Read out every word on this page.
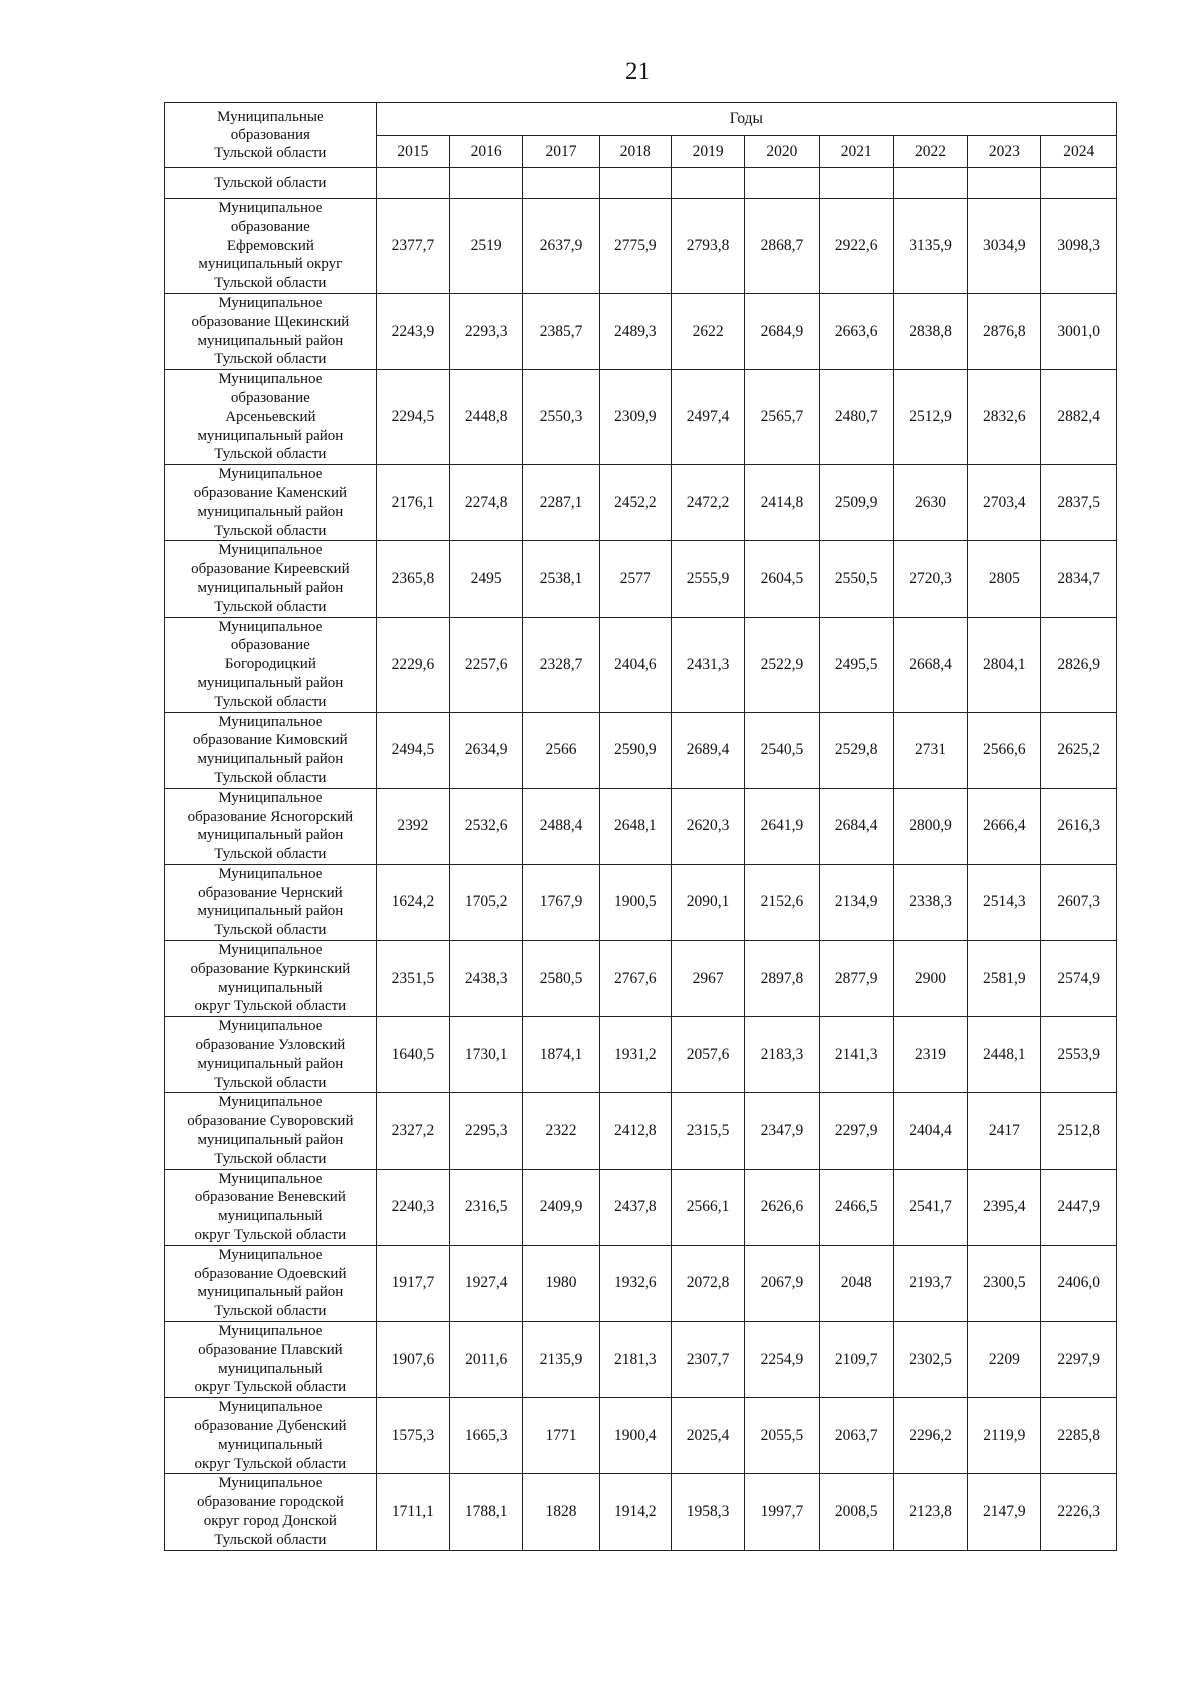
21
Муниципальные
образования
Тульской области	Годы									
	2015	2016	2017	2018	2019	2020	2021	2022	2023	2024
Тульской области										

Муниципальное
образование
Ефремовский
муниципальный округ
Тульской области	2377,7	2519	2637,9	2775,9	2793,8	2868,7	2922,6	3135,9	3034,9	3098,3

Муниципальное
образование Щекинский
муниципальный район
Тульской области	2243,9	2293,3	2385,7	2489,3	2622	2684,9	2663,6	2838,8	2876,8	3001,0

Муниципальное
образование
Арсеньевский
муниципальный район
Тульской области	2294,5	2448,8	2550,3	2309,9	2497,4	2565,7	2480,7	2512,9	2832,6	2882,4

Муниципальное
образование Каменский
муниципальный район
Тульской области	2176,1	2274,8	2287,1	2452,2	2472,2	2414,8	2509,9	2630	2703,4	2837,5

Муниципальное
образование Киреевский
муниципальный район
Тульской области	2365,8	2495	2538,1	2577	2555,9	2604,5	2550,5	2720,3	2805	2834,7

Муниципальное
образование
Богородицкий
муниципальный район
Тульской области	2229,6	2257,6	2328,7	2404,6	2431,3	2522,9	2495,5	2668,4	2804,1	2826,9

Муниципальное
образование Кимовский
муниципальный район
Тульской области	2494,5	2634,9	2566	2590,9	2689,4	2540,5	2529,8	2731	2566,6	2625,2

Муниципальное
образование Ясногорский
муниципальный район
Тульской области	2392	2532,6	2488,4	2648,1	2620,3	2641,9	2684,4	2800,9	2666,4	2616,3

Муниципальное
образование Чернский
муниципальный район
Тульской области	1624,2	1705,2	1767,9	1900,5	2090,1	2152,6	2134,9	2338,3	2514,3	2607,3

Муниципальное
образование Куркинский
муниципальный
округ Тульской области	2351,5	2438,3	2580,5	2767,6	2967	2897,8	2877,9	2900	2581,9	2574,9

Муниципальное
образование Узловский
муниципальный район
Тульской области	1640,5	1730,1	1874,1	1931,2	2057,6	2183,3	2141,3	2319	2448,1	2553,9

Муниципальное
образование Суворовский
муниципальный район
Тульской области	2327,2	2295,3	2322	2412,8	2315,5	2347,9	2297,9	2404,4	2417	2512,8

Муниципальное
образование Веневский
муниципальный
округ Тульской области	2240,3	2316,5	2409,9	2437,8	2566,1	2626,6	2466,5	2541,7	2395,4	2447,9

Муниципальное
образование Одоевский
муниципальный район
Тульской области	1917,7	1927,4	1980	1932,6	2072,8	2067,9	2048	2193,7	2300,5	2406,0

Муниципальное
образование Плавский
муниципальный
округ Тульской области	1907,6	2011,6	2135,9	2181,3	2307,7	2254,9	2109,7	2302,5	2209	2297,9

Муниципальное
образование Дубенский
муниципальный
округ Тульской области	1575,3	1665,3	1771	1900,4	2025,4	2055,5	2063,7	2296,2	2119,9	2285,8

Муниципальное
образование городской
округ город Донской
Тульской области	1711,1	1788,1	1828	1914,2	1958,3	1997,7	2008,5	2123,8	2147,9	2226,3
